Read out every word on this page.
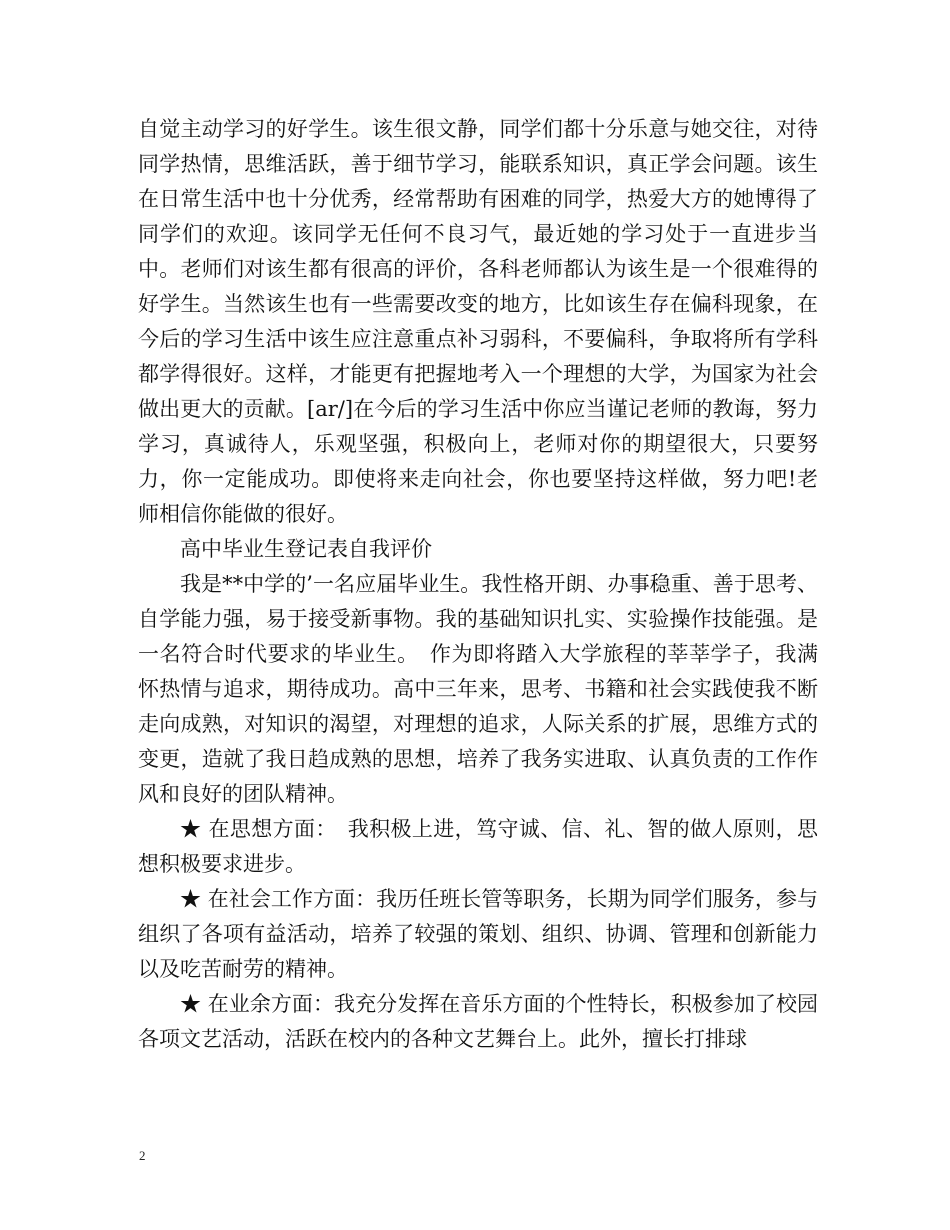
自觉主动学习的好学生。该生很文静，同学们都十分乐意与她交往，对待同学热情，思维活跃，善于细节学习，能联系知识，真正学会问题。该生在日常生活中也十分优秀，经常帮助有困难的同学，热爱大方的她博得了同学们的欢迎。该同学无任何不良习气，最近她的学习处于一直进步当中。老师们对该生都有很高的评价，各科老师都认为该生是一个很难得的好学生。当然该生也有一些需要改变的地方，比如该生存在偏科现象，在今后的学习生活中该生应注意重点补习弱科，不要偏科，争取将所有学科都学得很好。这样，才能更有把握地考入一个理想的大学，为国家为社会做出更大的贡献。[ar/]在今后的学习生活中你应当谨记老师的教诲，努力学习，真诚待人，乐观坚强，积极向上，老师对你的期望很大，只要努力，你一定能成功。即使将来走向社会，你也要坚持这样做，努力吧!老师相信你能做的很好。

高中毕业生登记表自我评价

我是**中学的’一名应届毕业生。我性格开朗、办事稳重、善于思考、自学能力强，易于接受新事物。我的基础知识扎实、实验操作技能强。是一名符合时代要求的毕业生。　作为即将踏入大学旅程的莘莘学子，我满怀热情与追求，期待成功。高中三年来，思考、书籍和社会实践使我不断走向成熟，对知识的渴望，对理想的追求，人际关系的扩展，思维方式的变更，造就了我日趋成熟的思想，培养了我务实进取、认真负责的工作作风和良好的团队精神。

★ 在思想方面：　我积极上进，笃守诚、信、礼、智的做人原则，思想积极要求进步。

★ 在社会工作方面：我历任班长管等职务，长期为同学们服务，参与组织了各项有益活动，培养了较强的策划、组织、协调、管理和创新能力以及吃苦耐劳的精神。

★ 在业余方面：我充分发挥在音乐方面的个性特长，积极参加了校园各项文艺活动，活跃在校内的各种文艺舞台上。此外，擅长打排球

2
